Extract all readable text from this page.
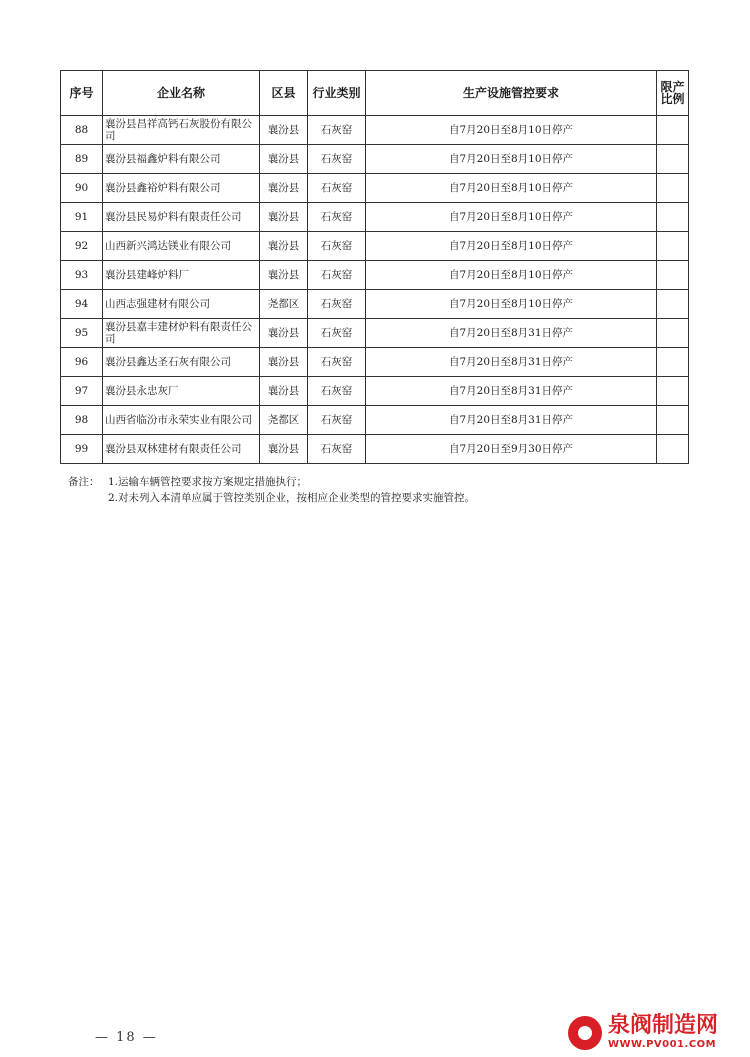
序号	企业名称	区县	行业类别	生产设施管控要求	限产比例
88	襄汾县昌祥高钙石灰股份有限公司	襄汾县	石灰窑	自7月20日至8月10日停产	
89	襄汾县福鑫炉料有限公司	襄汾县	石灰窑	自7月20日至8月10日停产	
90	襄汾县鑫裕炉料有限公司	襄汾县	石灰窑	自7月20日至8月10日停产	
91	襄汾县民易炉料有限责任公司	襄汾县	石灰窑	自7月20日至8月10日停产	
92	山西新兴鸿达镁业有限公司	襄汾县	石灰窑	自7月20日至8月10日停产	
93	襄汾县建峰炉料厂	襄汾县	石灰窑	自7月20日至8月10日停产	
94	山西志强建材有限公司	尧都区	石灰窑	自7月20日至8月10日停产	
95	襄汾县嘉丰建材炉料有限责任公司	襄汾县	石灰窑	自7月20日至8月31日停产	
96	襄汾县鑫达圣石灰有限公司	襄汾县	石灰窑	自7月20日至8月31日停产	
97	襄汾县永忠灰厂	襄汾县	石灰窑	自7月20日至8月31日停产	
98	山西省临汾市永荣实业有限公司	尧都区	石灰窑	自7月20日至8月31日停产	
99	襄汾县双林建材有限责任公司	襄汾县	石灰窑	自7月20日至9月30日停产	
备注： 1.运输车辆管控要求按方案规定措施执行；
2.对未列入本清单应属于管控类别企业，按相应企业类型的管控要求实施管控。
— 18 —	泉阀制造网
WWW.PV001.COM
